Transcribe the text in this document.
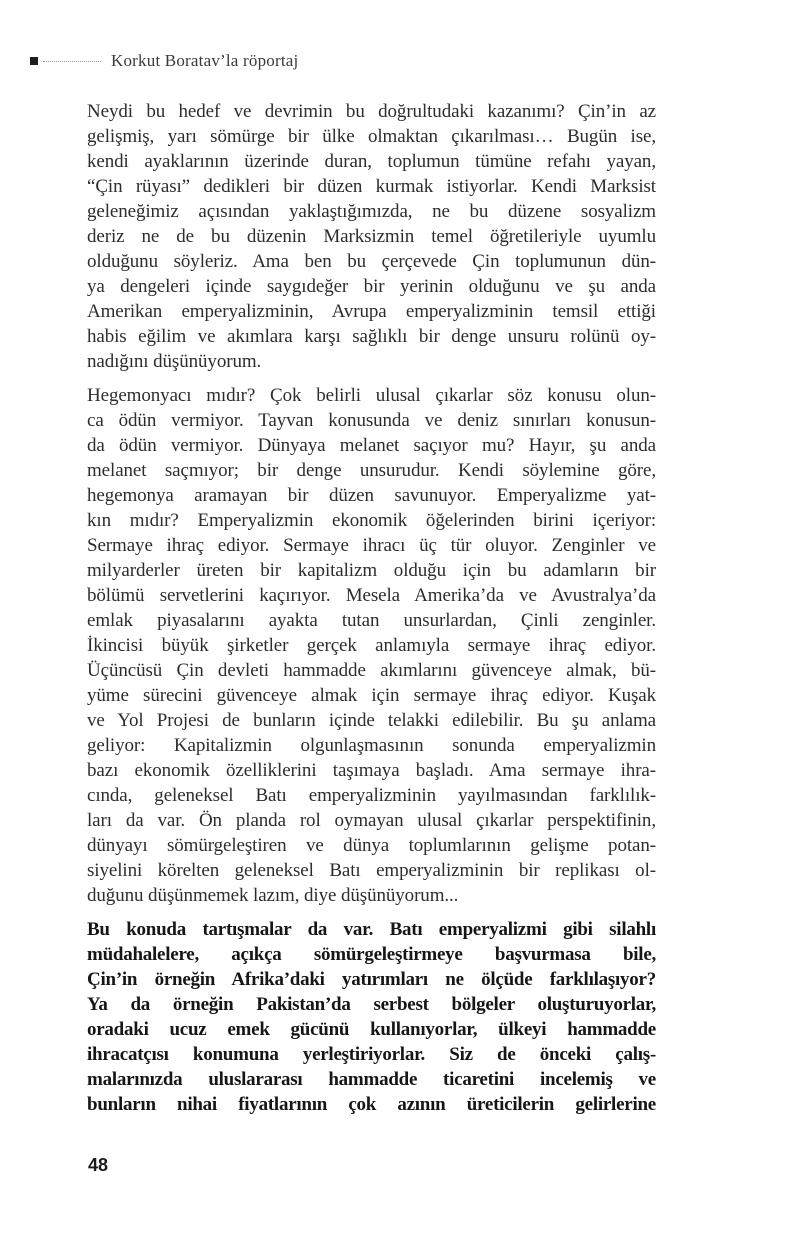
Korkut Boratav’la röportaj

Neydi bu hedef ve devrimin bu doğrultudaki kazanımı? Çin’in az
gelişmiş, yarı sömürge bir ülke olmaktan çıkarılması… Bugün ise,
kendi ayaklarının üzerinde duran, toplumun tümüne refahı yayan,
“Çin rüyası” dedikleri bir düzen kurmak istiyorlar. Kendi Marksist
geleneğimiz açısından yaklaştığımızda, ne bu düzene sosyalizm
deriz ne de bu düzenin Marksizmin temel öğretileriyle uyumlu
olduğunu söyleriz. Ama ben bu çerçevede Çin toplumunun dün-
ya dengeleri içinde saygıdeğer bir yerinin olduğunu ve şu anda
Amerikan emperyalizminin, Avrupa emperyalizminin temsil ettiği
habis eğilim ve akımlara karşı sağlıklı bir denge unsuru rolünü oy-
nadığını düşünüyorum.

Hegemonyacı mıdır? Çok belirli ulusal çıkarlar söz konusu olun-
ca ödün vermiyor. Tayvan konusunda ve deniz sınırları konusun-
da ödün vermiyor. Dünyaya melanet saçıyor mu? Hayır, şu anda
melanet saçmıyor; bir denge unsurudur. Kendi söylemine göre,
hegemonya aramayan bir düzen savunuyor. Emperyalizme yat-
kın mıdır? Emperyalizmin ekonomik öğelerinden birini içeriyor:
Sermaye ihraç ediyor. Sermaye ihracı üç tür oluyor. Zenginler ve
milyarderler üreten bir kapitalizm olduğu için bu adamların bir
bölümü servetlerini kaçırıyor. Mesela Amerika’da ve Avustralya’da
emlak piyasalarını ayakta tutan unsurlardan, Çinli zenginler.
İkincisi büyük şirketler gerçek anlamıyla sermaye ihraç ediyor.
Üçüncüsü Çin devleti hammadde akımlarını güvenceye almak, bü-
yüme sürecini güvenceye almak için sermaye ihraç ediyor. Kuşak
ve Yol Projesi de bunların içinde telakki edilebilir. Bu şu anlama
geliyor: Kapitalizmin olgunlaşmasının sonunda emperyalizmin
bazı ekonomik özelliklerini taşımaya başladı. Ama sermaye ihra-
cında, geleneksel Batı emperyalizminin yayılmasından farklılık-
ları da var. Ön planda rol oymayan ulusal çıkarlar perspektifinin,
dünyayı sömürgeleştiren ve dünya toplumlarının gelişme potan-
siyelini körelten geleneksel Batı emperyalizminin bir replikası ol-
duğunu düşünmemek lazım, diye düşünüyorum...

Bu konuda tartışmalar da var. Batı emperyalizmi gibi silahlı
müdahalelere, açıkça sömürgeleştirmeye başvurmasa bile,
Çin’in örneğin Afrika’daki yatırımları ne ölçüde farklılaşıyor?
Ya da örneğin Pakistan’da serbest bölgeler oluşturuyorlar,
oradaki ucuz emek gücünü kullanıyorlar, ülkeyi hammadde
ihracatçısı konumuna yerleştiriyorlar. Siz de önceki çalış-
malarınızda uluslararası hammadde ticaretini incelemiş ve
bunların nihai fiyatlarının çok azının üreticilerin gelirlerine

48
